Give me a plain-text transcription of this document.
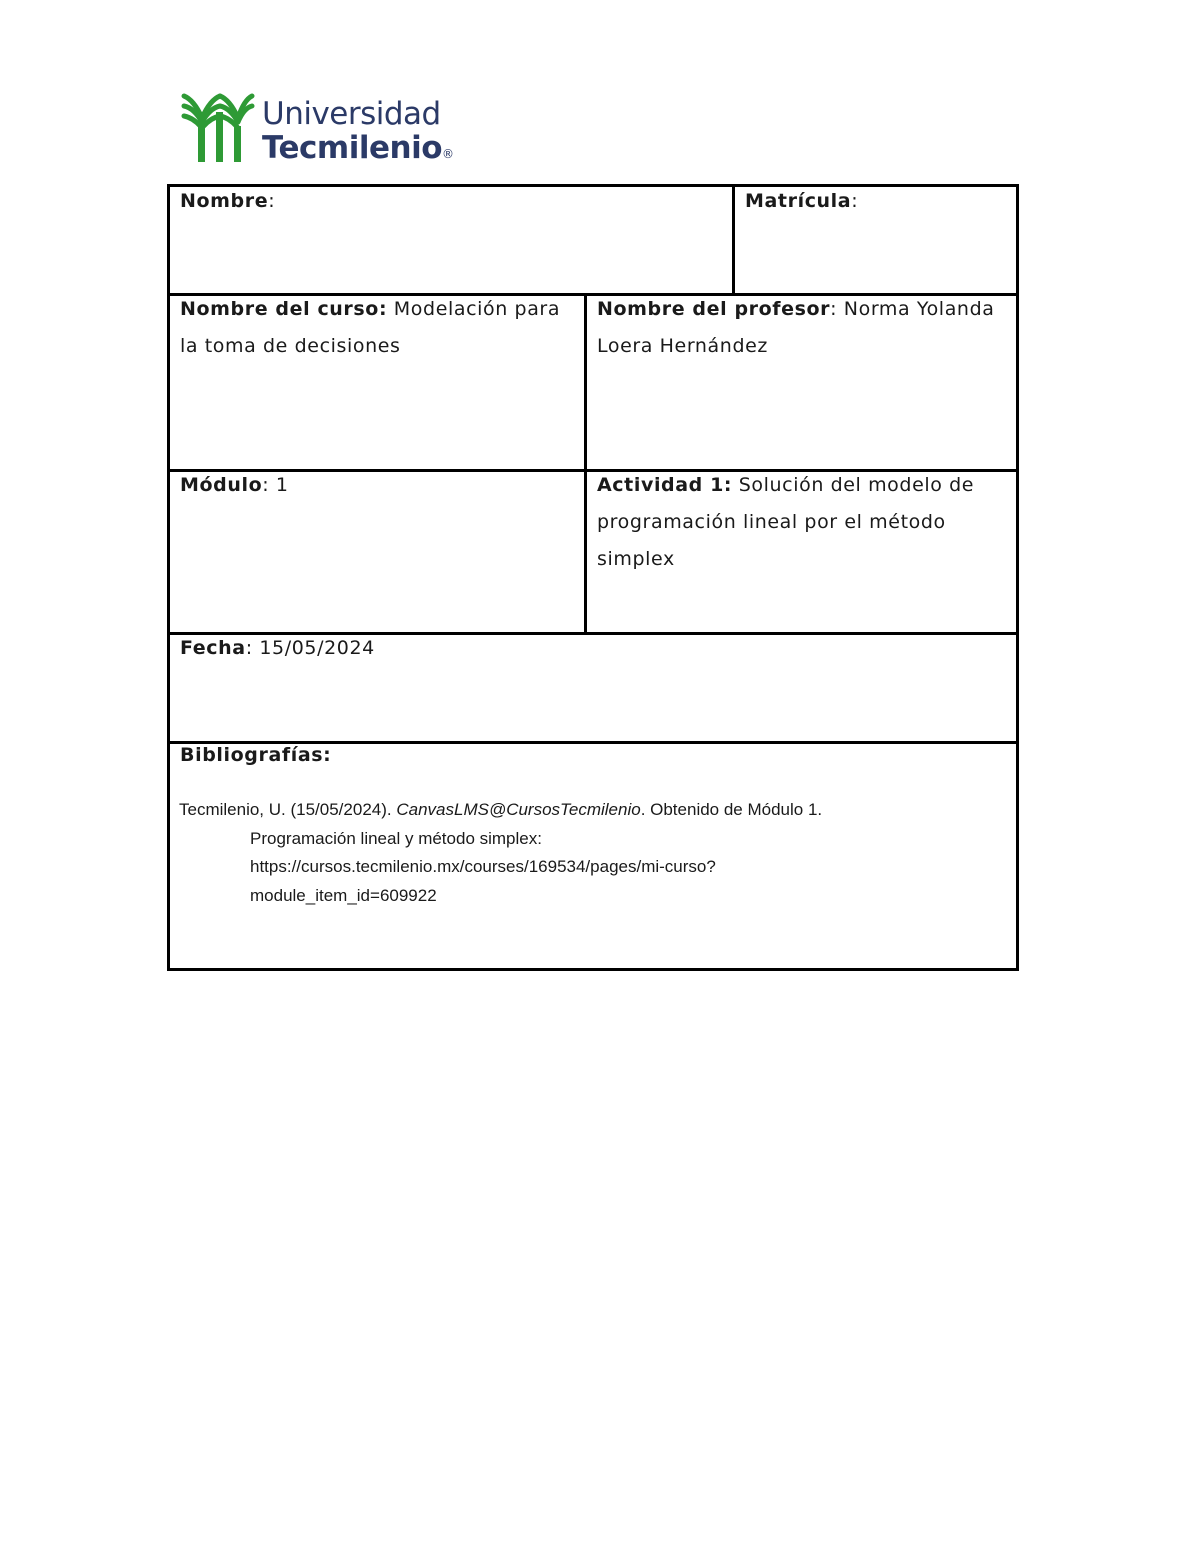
Universidad
Tecmilenio®
Nombre:	Matrícula:
Nombre del curso: Modelación para la toma de decisiones
Nombre del profesor: Norma Yolanda Loera Hernández
Módulo: 1	Actividad 1: Solución del modelo de programación lineal por el método simplex
Fecha: 15/05/2024
Bibliografías:
Tecmilenio, U. (15/05/2024). CanvasLMS@CursosTecmilenio. Obtenido de Módulo 1.
Programación lineal y método simplex:
https://cursos.tecmilenio.mx/courses/169534/pages/mi-curso?
module_item_id=609922
